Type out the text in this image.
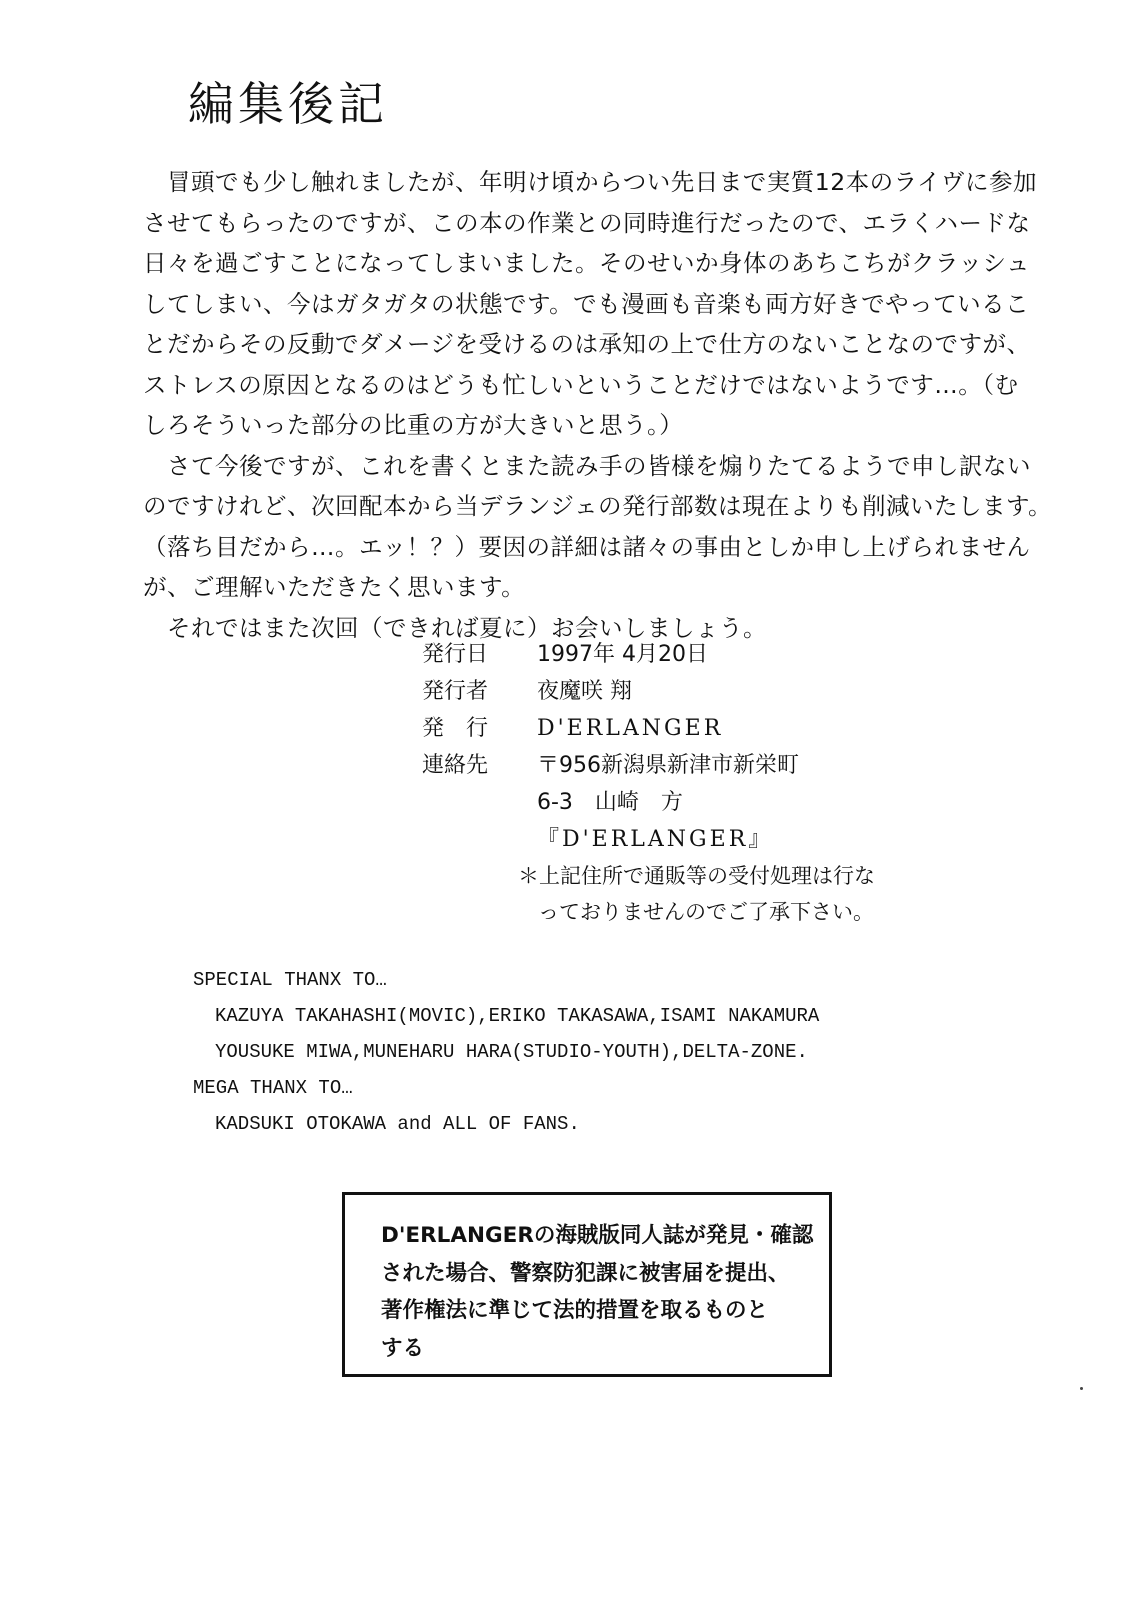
編集後記
　冒頭でも少し触れましたが、年明け頃からつい先日まで実質12本のライヴに参加
させてもらったのですが、この本の作業との同時進行だったので、エラくハードな
日々を過ごすことになってしまいました。そのせいか身体のあちこちがクラッシュ
してしまい、今はガタガタの状態です。でも漫画も音楽も両方好きでやっているこ
とだからその反動でダメージを受けるのは承知の上で仕方のないことなのですが、
ストレスの原因となるのはどうも忙しいということだけではないようです…。（む
しろそういった部分の比重の方が大きいと思う。）
　さて今後ですが、これを書くとまた読み手の皆様を煽りたてるようで申し訳ない
のですけれど、次回配本から当デランジェの発行部数は現在よりも削減いたします。
（落ち目だから…。エッ！？）要因の詳細は諸々の事由としか申し上げられません
が、ご理解いただきたく思います。
　それではまた次回（できれば夏に）お会いしましょう。
発行日	1997年 4月20日
発行者	夜魔咲 翔
発　行	D'ERLANGER
連絡先	〒956新潟県新津市新栄町
6-3　山崎　方
『D'ERLANGER』
＊上記住所で通販等の受付処理は行な
っておりませんのでご了承下さい。
SPECIAL THANX TO…
KAZUYA TAKAHASHI(MOVIC),ERIKO TAKASAWA,ISAMI NAKAMURA
YOUSUKE MIWA,MUNEHARU HARA(STUDIO-YOUTH),DELTA-ZONE.
MEGA THANX TO…
KADSUKI OTOKAWA and ALL OF FANS.
D'ERLANGERの海賊版同人誌が発見・確認
された場合、警察防犯課に被害届を提出、
著作権法に準じて法的措置を取るものと
する
